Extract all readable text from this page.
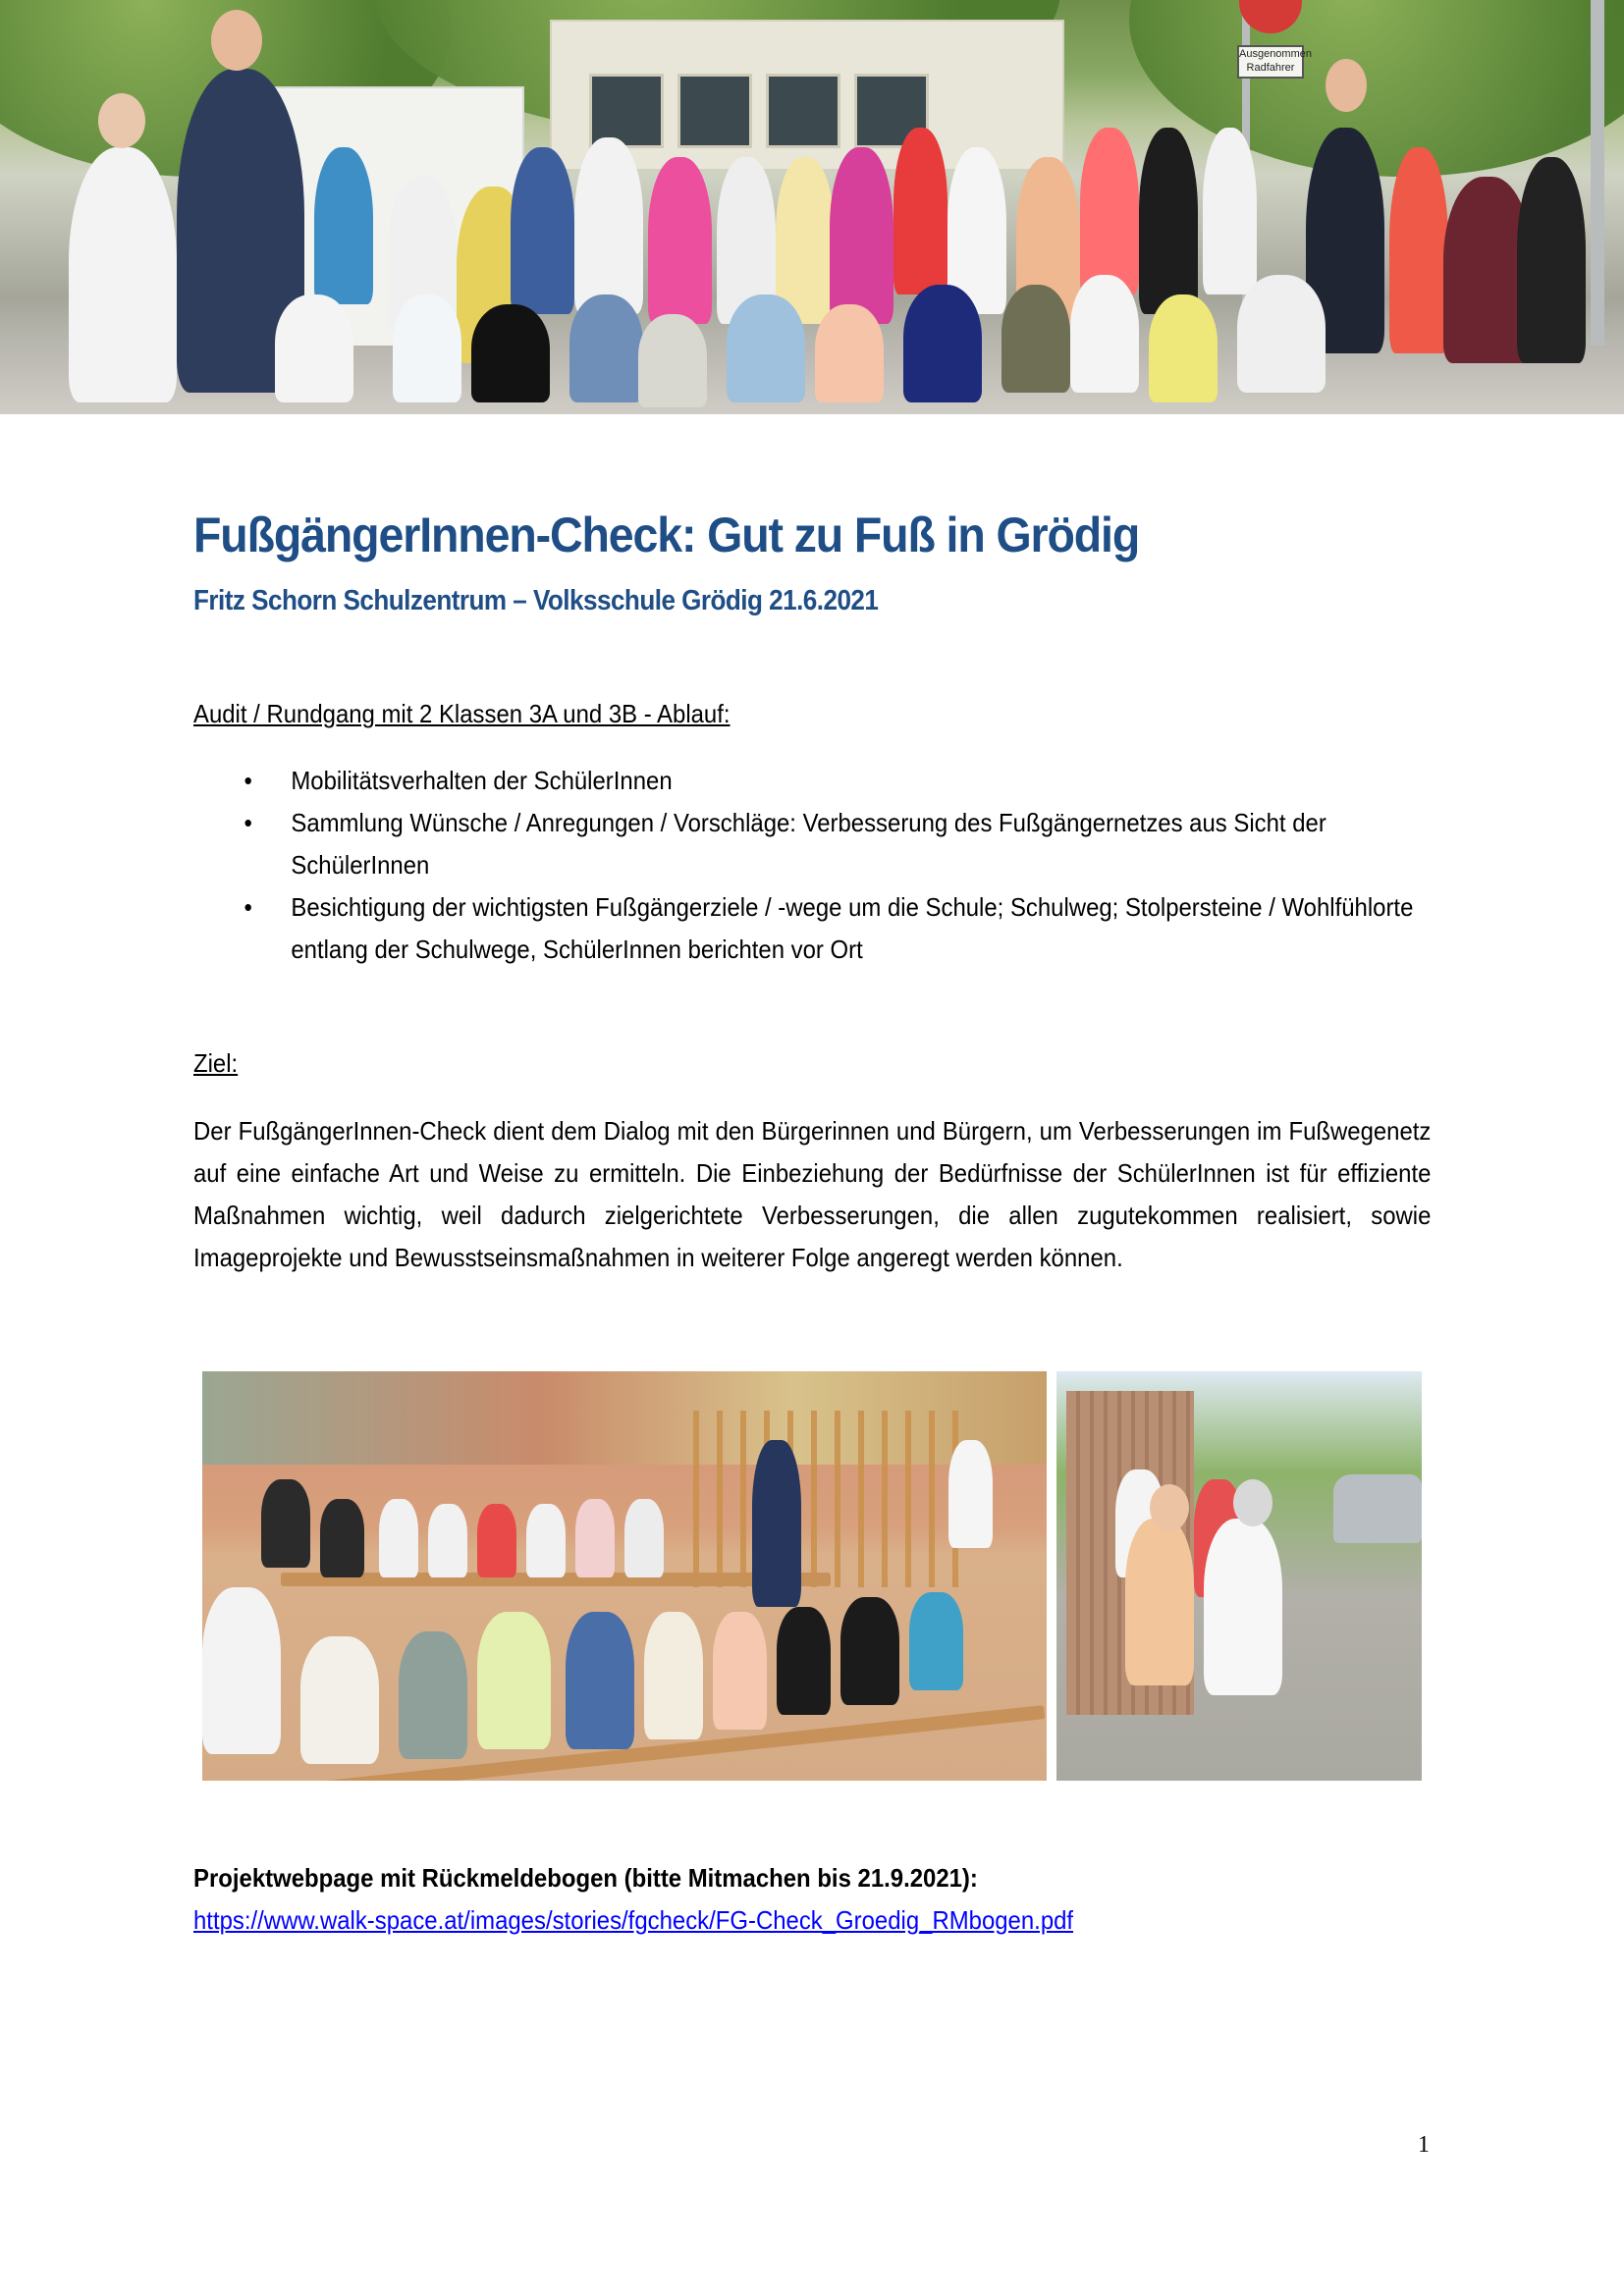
Ausgenommen Radfahrer
FußgängerInnen-Check: Gut zu Fuß in Grödig
Fritz Schorn Schulzentrum – Volksschule Grödig 21.6.2021
Audit / Rundgang mit 2 Klassen 3A und 3B - Ablauf:
• Mobilitätsverhalten der SchülerInnen
• Sammlung Wünsche / Anregungen / Vorschläge: Verbesserung des Fußgängernetzes aus Sicht der SchülerInnen
• Besichtigung der wichtigsten Fußgängerziele / -wege um die Schule; Schulweg; Stolpersteine / Wohlfühlorte entlang der Schulwege, SchülerInnen berichten vor Ort
Ziel:

Der FußgängerInnen-Check dient dem Dialog mit den Bürgerinnen und Bürgern, um Verbesserungen im Fußwegenetz auf eine einfache Art und Weise zu ermitteln. Die Einbeziehung der Bedürfnisse der SchülerInnen ist für effiziente Maßnahmen wichtig, weil dadurch zielgerichtete Verbesserungen, die allen zugutekommen realisiert, sowie Imageprojekte und Bewusstseinsmaßnahmen in weiterer Folge angeregt werden können.

Projektwebpage mit Rückmeldebogen (bitte Mitmachen bis 21.9.2021):
https://www.walk-space.at/images/stories/fgcheck/FG-Check_Groedig_RMbogen.pdf
1
